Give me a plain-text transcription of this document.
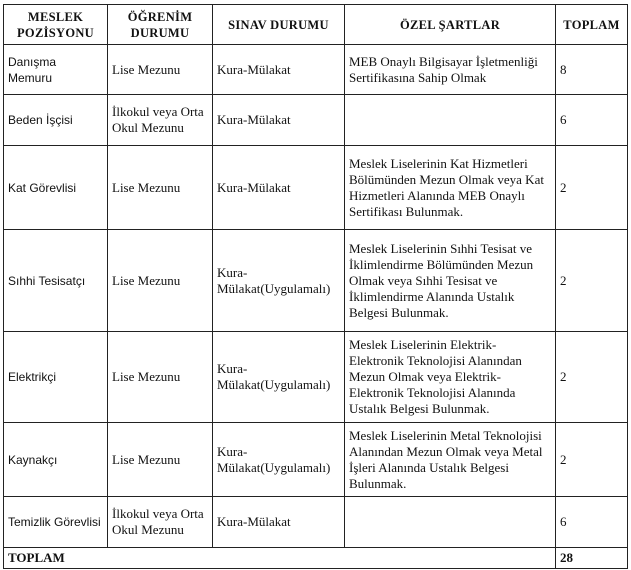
MESLEK POZİSYONU	ÖĞRENİM DURUMU	SINAV DURUMU	ÖZEL ŞARTLAR	TOPLAM
Danışma Memuru	Lise Mezunu	Kura-Mülakat	MEB Onaylı Bilgisayar İşletmenliği Sertifikasına Sahip Olmak	8
Beden İşçisi	İlkokul veya Orta Okul Mezunu	Kura-Mülakat		6
Kat Görevlisi	Lise Mezunu	Kura-Mülakat	Meslek Liselerinin Kat Hizmetleri Bölümünden Mezun Olmak veya Kat Hizmetleri Alanında MEB Onaylı Sertifikası Bulunmak.	2
Sıhhi Tesisatçı	Lise Mezunu	Kura-Mülakat(Uygulamalı)	Meslek Liselerinin Sıhhi Tesisat ve İklimlendirme Bölümünden Mezun Olmak veya Sıhhi Tesisat ve İklimlendirme Alanında Ustalık Belgesi Bulunmak.	2
Elektrikçi	Lise Mezunu	Kura-Mülakat(Uygulamalı)	Meslek Liselerinin Elektrik-Elektronik Teknolojisi Alanından Mezun Olmak veya Elektrik-Elektronik Teknolojisi Alanında Ustalık Belgesi Bulunmak.	2
Kaynakçı	Lise Mezunu	Kura-Mülakat(Uygulamalı)	Meslek Liselerinin Metal Teknolojisi Alanından Mezun Olmak veya Metal İşleri Alanında Ustalık Belgesi Bulunmak.	2
Temizlik Görevlisi	İlkokul veya Orta Okul Mezunu	Kura-Mülakat		6
TOPLAM				28
